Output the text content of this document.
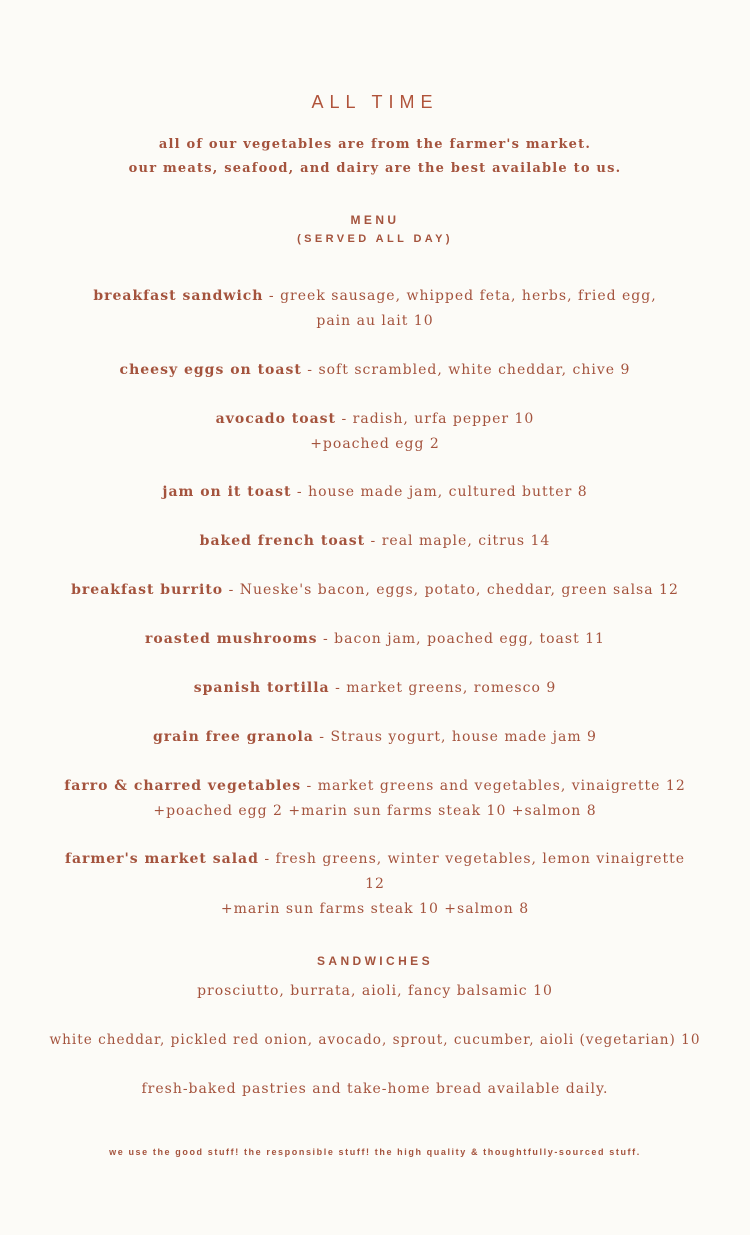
ALL TIME
all of our vegetables are from the farmer's market.
our meats, seafood, and dairy are the best available to us.
MENU
(SERVED ALL DAY)
breakfast sandwich - greek sausage, whipped feta, herbs, fried egg,
pain au lait 10
cheesy eggs on toast - soft scrambled, white cheddar, chive 9
avocado toast - radish, urfa pepper 10
+poached egg 2
jam on it toast - house made jam, cultured butter 8
baked french toast - real maple, citrus 14
breakfast burrito - Nueske's bacon, eggs, potato, cheddar, green salsa 12
roasted mushrooms - bacon jam, poached egg, toast 11
spanish tortilla - market greens, romesco 9
grain free granola - Straus yogurt, house made jam 9
farro & charred vegetables - market greens and vegetables, vinaigrette 12
+poached egg 2 +marin sun farms steak 10 +salmon 8
farmer's market salad - fresh greens, winter vegetables, lemon vinaigrette
12
+marin sun farms steak 10 +salmon 8
SANDWICHES
prosciutto, burrata, aioli, fancy balsamic 10
white cheddar, pickled red onion, avocado, sprout, cucumber, aioli (vegetarian) 10
fresh-baked pastries and take-home bread available daily.
we use the good stuff! the responsible stuff! the high quality & thoughtfully-sourced stuff.
